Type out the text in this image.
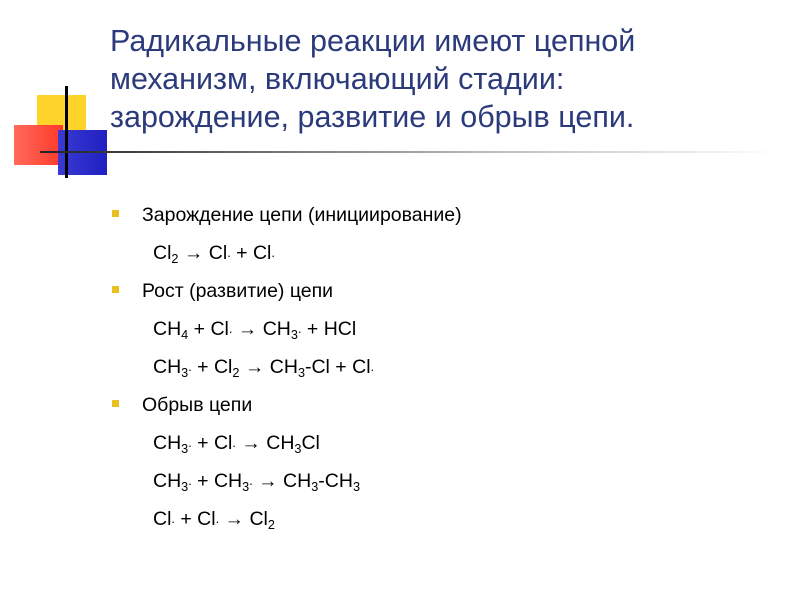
Радикальные реакции имеют цепной
механизм, включающий стадии:
зарождение, развитие и обрыв цепи.
Зарождение цепи (инициирование)
$Cl_2 \to Cl^. + Cl^.$
Рост (развитие) цепи
$CH_4 + Cl^. \to CH_3^.$ + HCl
$CH_3^. + Cl_2 \to CH_3-Cl + Cl^.$
Обрыв цепи
$CH_3^. + Cl^. \to CH_3Cl$
$CH_3^. + CH_3^. \to CH_3-CH_3$
$Cl^. + Cl^. \to Cl_2$
